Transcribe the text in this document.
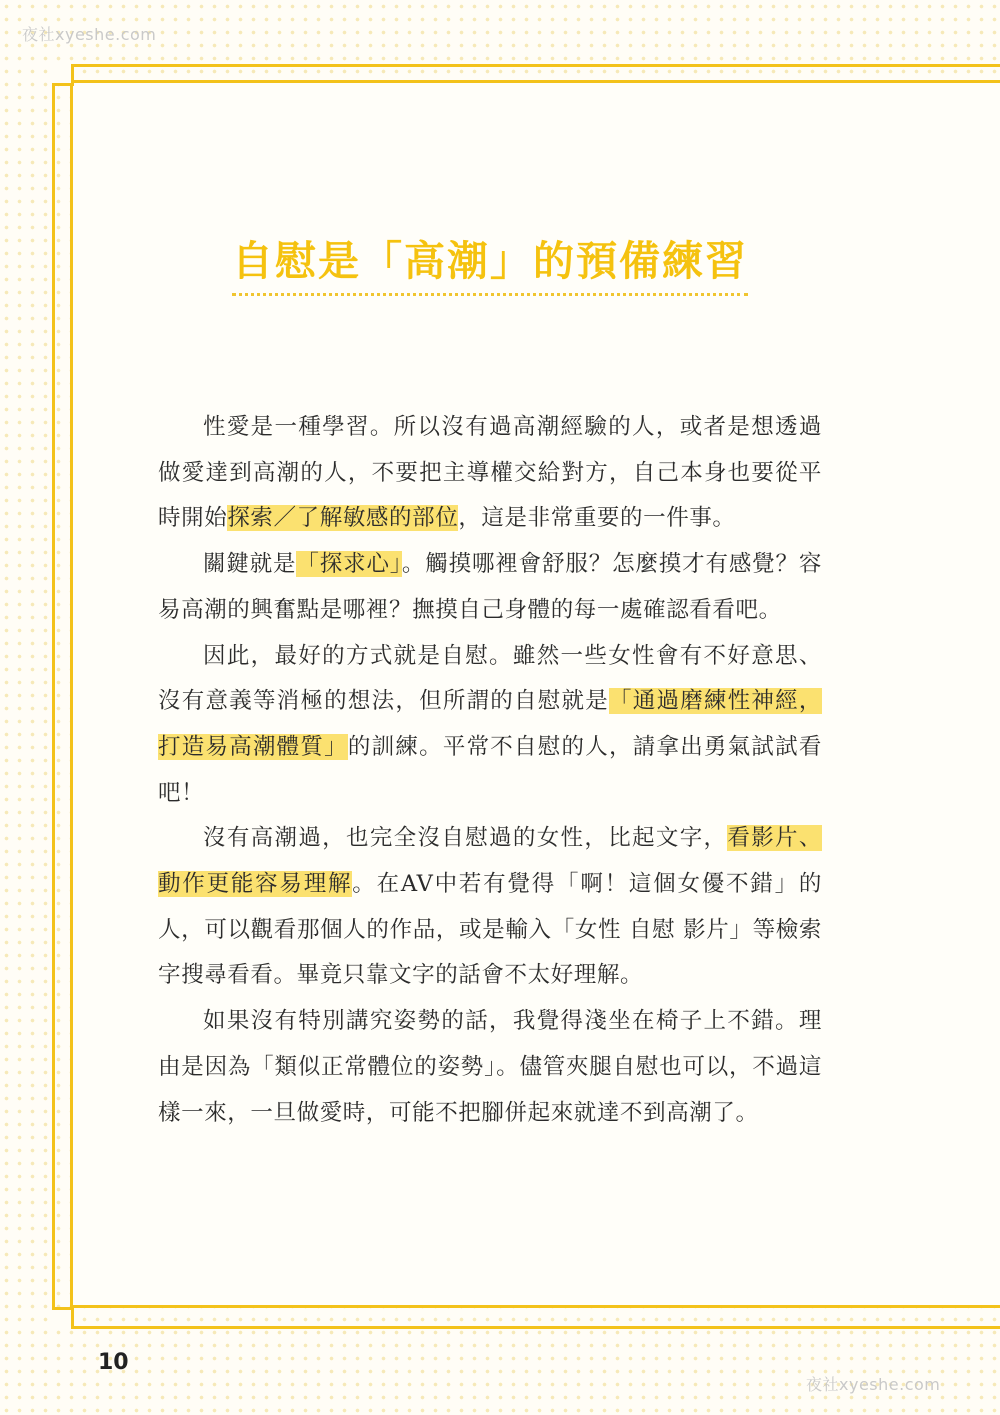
夜社xyeshe.com
自慰是「高潮」的預備練習

性愛是一種學習。所以沒有過高潮經驗的人，或者是想透過做愛達到高潮的人，不要把主導權交給對方，自己本身也要從平時開始探索／了解敏感的部位，這是非常重要的一件事。

關鍵就是「探求心」。觸摸哪裡會舒服？怎麼摸才有感覺？容易高潮的興奮點是哪裡？撫摸自己身體的每一處確認看看吧。

因此，最好的方式就是自慰。雖然一些女性會有不好意思、沒有意義等消極的想法，但所謂的自慰就是「通過磨練性神經，打造易高潮體質」的訓練。平常不自慰的人，請拿出勇氣試試看吧！

沒有高潮過，也完全沒自慰過的女性，比起文字，看影片、動作更能容易理解。在AV中若有覺得「啊！這個女優不錯」的人，可以觀看那個人的作品，或是輸入「女性 自慰 影片」等檢索字搜尋看看。畢竟只靠文字的話會不太好理解。

如果沒有特別講究姿勢的話，我覺得淺坐在椅子上不錯。理由是因為「類似正常體位的姿勢」。儘管夾腿自慰也可以，不過這樣一來，一旦做愛時，可能不把腳併起來就達不到高潮了。

10
夜社xyeshe.com
